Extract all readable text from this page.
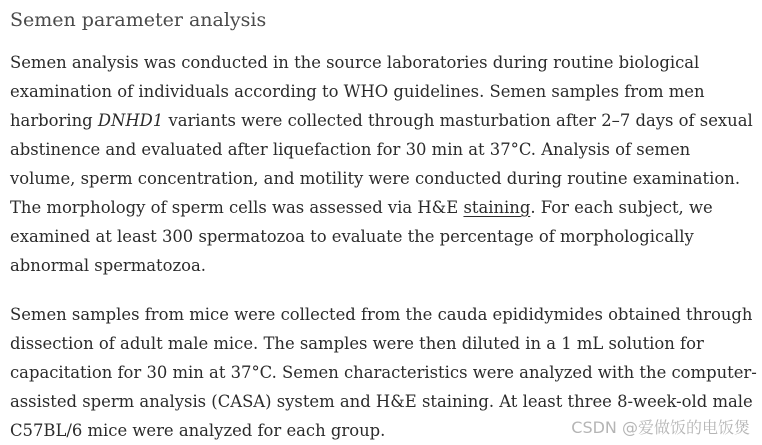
Semen parameter analysis

Semen analysis was conducted in the source laboratories during routine biological examination of individuals according to WHO guidelines. Semen samples from men harboring DNHD1 variants were collected through masturbation after 2–7 days of sexual abstinence and evaluated after liquefaction for 30 min at 37°C. Analysis of semen volume, sperm concentration, and motility were conducted during routine examination. The morphology of sperm cells was assessed via H&E staining. For each subject, we examined at least 300 spermatozoa to evaluate the percentage of morphologically abnormal spermatozoa.

Semen samples from mice were collected from the cauda epididymides obtained through dissection of adult male mice. The samples were then diluted in a 1 mL solution for capacitation for 30 min at 37°C. Semen characteristics were analyzed with the computer-assisted sperm analysis (CASA) system and H&E staining. At least three 8-week-old male C57BL/6 mice were analyzed for each group.	CSDN @爱做饭的电饭煲
